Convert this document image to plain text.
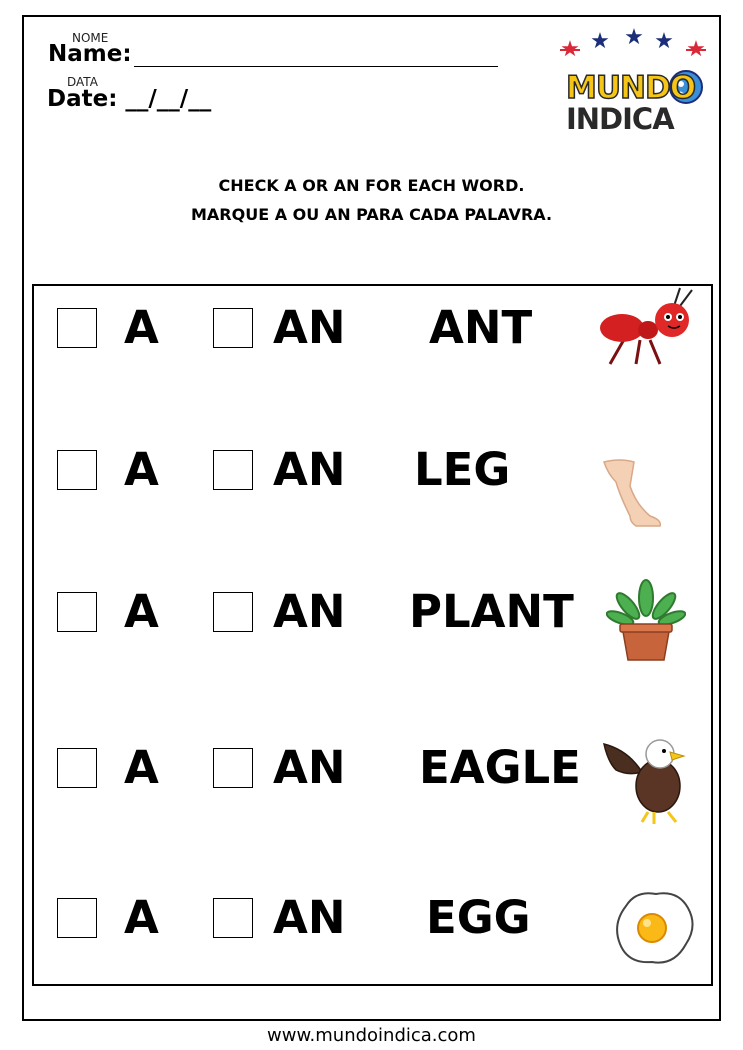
NOME
Name:
DATA
Date: __/__/__
★ ★ ★ ★ ★
MUNDO
INDICA
CHECK A OR AN FOR EACH WORD.
MARQUE A OU AN PARA CADA PALAVRA.
A	AN ANT
A	AN LEG
A	AN PLANT
A	AN EAGLE
A	AN EGG
www.mundoindica.com
